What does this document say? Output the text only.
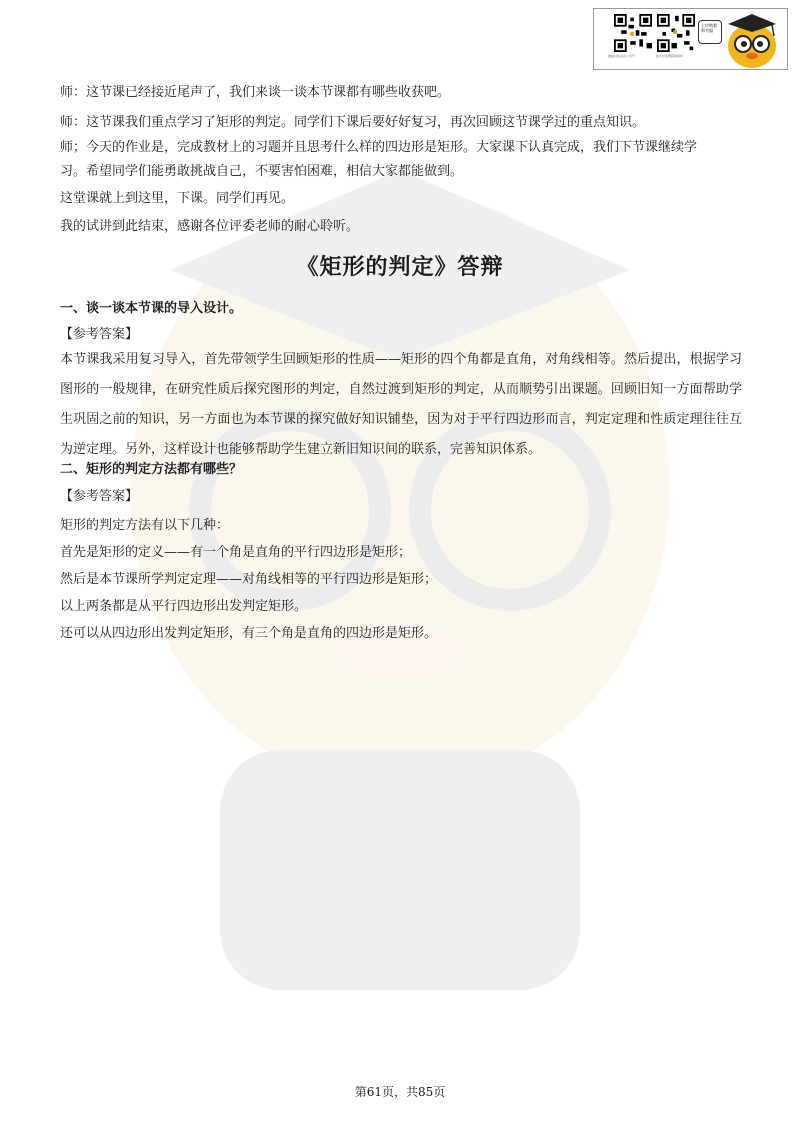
微信扫码关注公众号	加入交流群获取资料
上岸鸭教师考编
师：这节课已经接近尾声了，我们来谈一谈本节课都有哪些收获吧。
师：这节课我们重点学习了矩形的判定。同学们下课后要好好复习，再次回顾这节课学过的重点知识。
师；今天的作业是，完成教材上的习题并且思考什么样的四边形是矩形。大家课下认真完成，我们下节课继续学
习。希望同学们能勇敢挑战自己，不要害怕困难，相信大家都能做到。
这堂课就上到这里，下课。同学们再见。
我的试讲到此结束，感谢各位评委老师的耐心聆听。
《矩形的判定》答辩
一、谈一谈本节课的导入设计。
【参考答案】
本节课我采用复习导入，首先带领学生回顾矩形的性质——矩形的四个角都是直角，对角线相等。然后提出，根据学习图形的一般规律，在研究性质后探究图形的判定，自然过渡到矩形的判定，从而顺势引出课题。回顾旧知一方面帮助学生巩固之前的知识，另一方面也为本节课的探究做好知识铺垫，因为对于平行四边形而言，判定定理和性质定理往往互为逆定理。另外，这样设计也能够帮助学生建立新旧知识间的联系，完善知识体系。
二、矩形的判定方法都有哪些？
【参考答案】
矩形的判定方法有以下几种：
首先是矩形的定义——有一个角是直角的平行四边形是矩形；
然后是本节课所学判定定理——对角线相等的平行四边形是矩形；
以上两条都是从平行四边形出发判定矩形。
还可以从四边形出发判定矩形，有三个角是直角的四边形是矩形。
第61页，共85页
